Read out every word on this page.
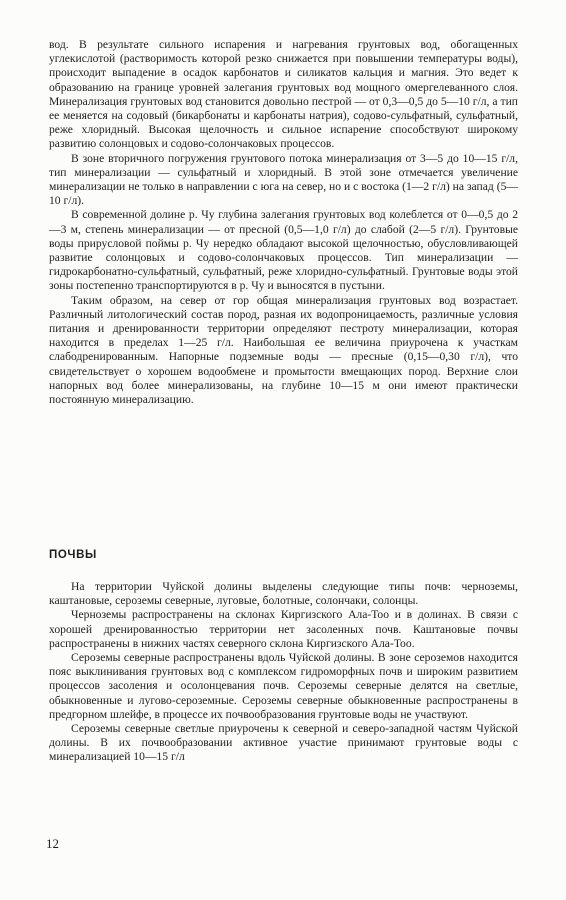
вод. В результате сильного испарения и нагревания грунтовых вод, обогащенных углекислотой (растворимость которой резко снижается при повышении температуры воды), происходит выпадение в осадок карбонатов и силикатов кальция и магния. Это ведет к образованию на границе уровней залегания грунтовых вод мощного омергелеванного слоя. Минерализация грунтовых вод становится довольно пестрой — от 0,3—0,5 до 5—10 г/л, а тип ее меняется на содовый (бикарбонаты и карбонаты натрия), содово-сульфатный, сульфатный, реже хлоридный. Высокая щелочность и сильное испарение способствуют широкому развитию солонцовых и содово-солончаковых процессов.

В зоне вторичного погружения грунтового потока минерализация от 3—5 до 10—15 г/л, тип минерализации — сульфатный и хлоридный. В этой зоне отмечается увеличение минерализации не только в направлении с юга на север, но и с востока (1—2 г/л) на запад (5—10 г/л).

В современной долине р. Чу глубина залегания грунтовых вод колеблется от 0—0,5 до 2—3 м, степень минерализации — от пресной (0,5—1,0 г/л) до слабой (2—5 г/л). Грунтовые воды прирусловой поймы р. Чу нередко обладают высокой щелочностью, обусловливающей развитие солонцовых и содово-солончаковых процессов. Тип минерализации — гидрокарбонатно-сульфатный, сульфатный, реже хлоридно-сульфатный. Грунтовые воды этой зоны постепенно транспортируются в р. Чу и выносятся в пустыни.

Таким образом, на север от гор общая минерализация грунтовых вод возрастает. Различный литологический состав пород, разная их водопроницаемость, различные условия питания и дренированности территории определяют пестроту минерализации, которая находится в пределах 1—25 г/л. Наибольшая ее величина приурочена к участкам слабодренированным. Напорные подземные воды — пресные (0,15—0,30 г/л), что свидетельствует о хорошем водообмене и промытости вмещающих пород. Верхние слои напорных вод более минерализованы, на глубине 10—15 м они имеют практически постоянную минерализацию.

ПОЧВЫ

На территории Чуйской долины выделены следующие типы почв: черноземы, каштановые, сероземы северные, луговые, болотные, солончаки, солонцы.

Черноземы распространены на склонах Киргизского Ала-Тоо и в долинах. В связи с хорошей дренированностью территории нет засоленных почв. Каштановые почвы распространены в нижних частях северного склона Киргизского Ала-Тоо.

Сероземы северные распространены вдоль Чуйской долины. В зоне сероземов находится пояс выклинивания грунтовых вод с комплексом гидроморфных почв и широким развитием процессов засоления и осолонцевания почв. Сероземы северные делятся на светлые, обыкновенные и лугово-сероземные. Сероземы северные обыкновенные распространены в предгорном шлейфе, в процессе их почвообразования грунтовые воды не участвуют.

Сероземы северные светлые приурочены к северной и северо-западной частям Чуйской долины. В их почвообразовании активное участие принимают грунтовые воды с минерализацией 10—15 г/л

12
